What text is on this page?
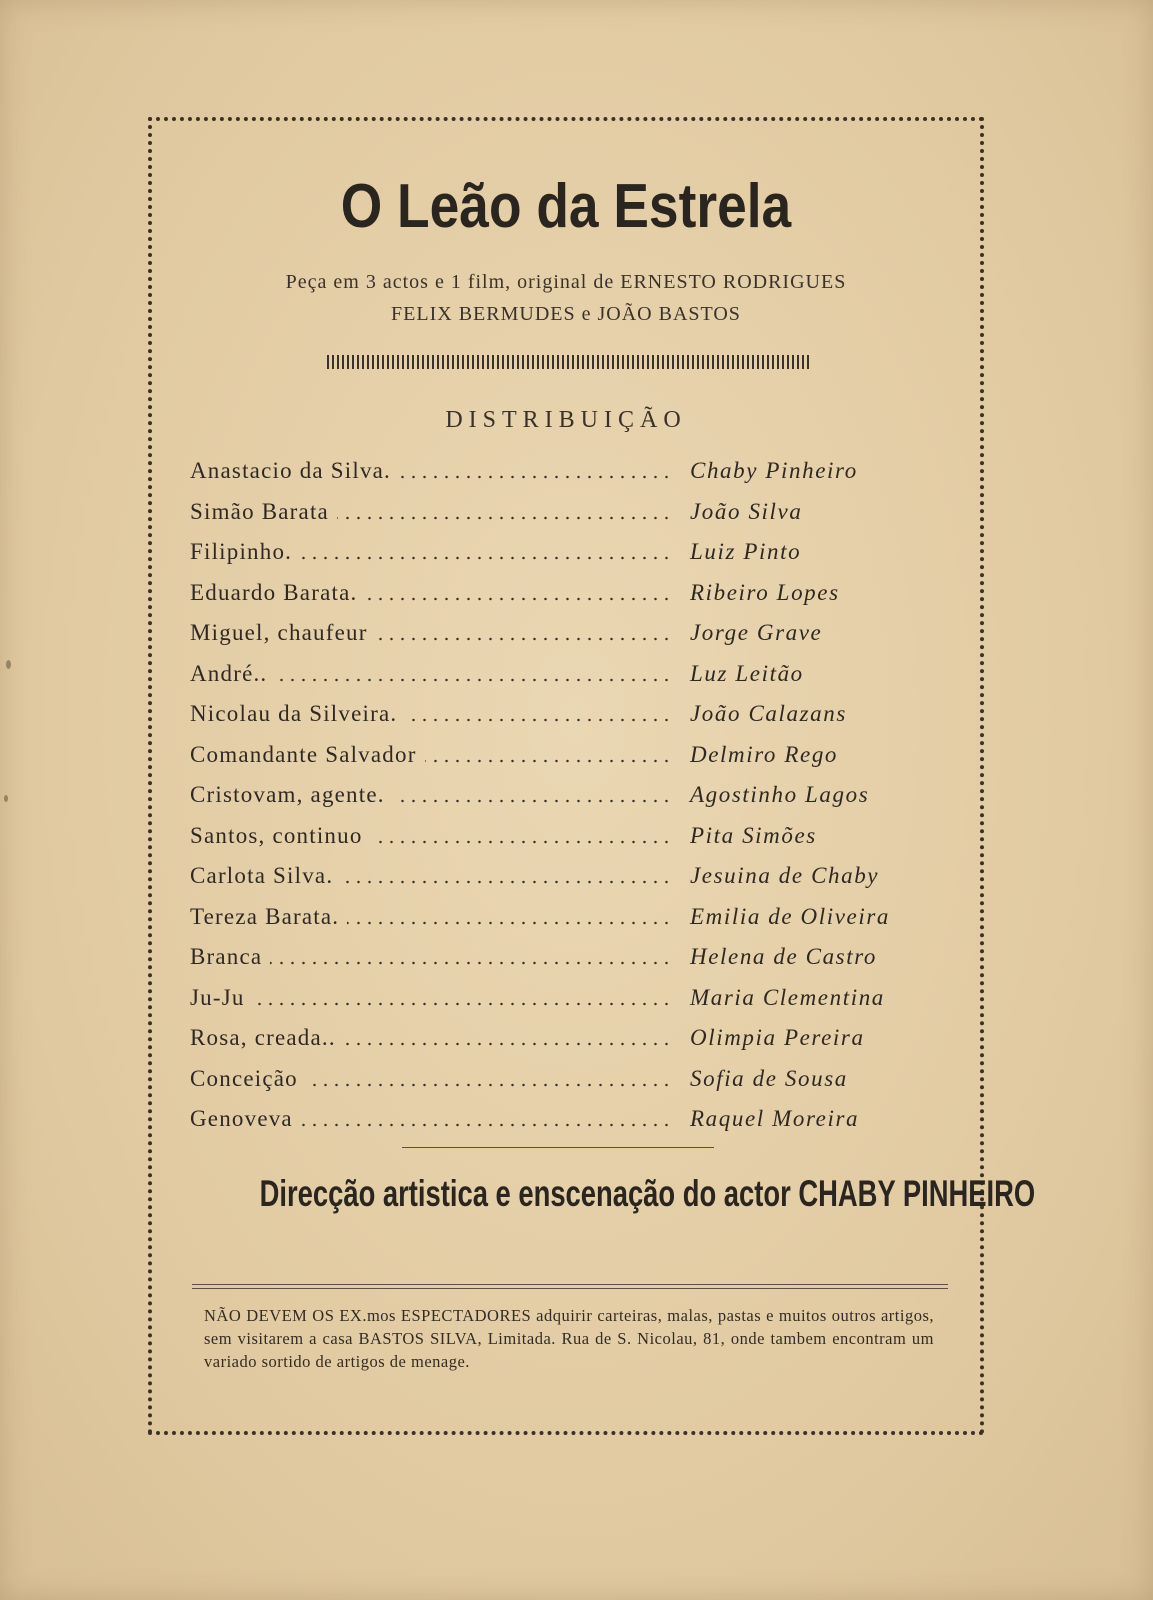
O Leão da Estrela
Peça em 3 actos e 1 film, original de ERNESTO RODRIGUES
FELIX BERMUDES e JOÃO BASTOS
DISTRIBUIÇÃO
Anastacio da Silva.	Chaby Pinheiro
Simão Barata	João Silva
Filipinho.	Luiz Pinto
Eduardo Barata.	Ribeiro Lopes
Miguel, chaufeur	Jorge Grave
André..	Luz Leitão
Nicolau da Silveira.	João Calazans
Comandante Salvador	Delmiro Rego
Cristovam, agente.	Agostinho Lagos
Santos, continuo	Pita Simões
Carlota Silva.	Jesuina de Chaby
Tereza Barata.	Emilia de Oliveira
Branca	Helena de Castro
Ju-Ju	Maria Clementina
Rosa, creada..	Olimpia Pereira
Conceição	Sofia de Sousa
Genoveva	Raquel Moreira
Direcção artistica e enscenação do actor CHABY PINHEIRO
NÃO DEVEM OS EX.mos ESPECTADORES adquirir carteiras, malas, pastas e muitos outros artigos, sem visitarem a casa BASTOS SILVA, Limitada. Rua de S. Nicolau, 81, onde tambem encontram um variado sortido de artigos de menage.
